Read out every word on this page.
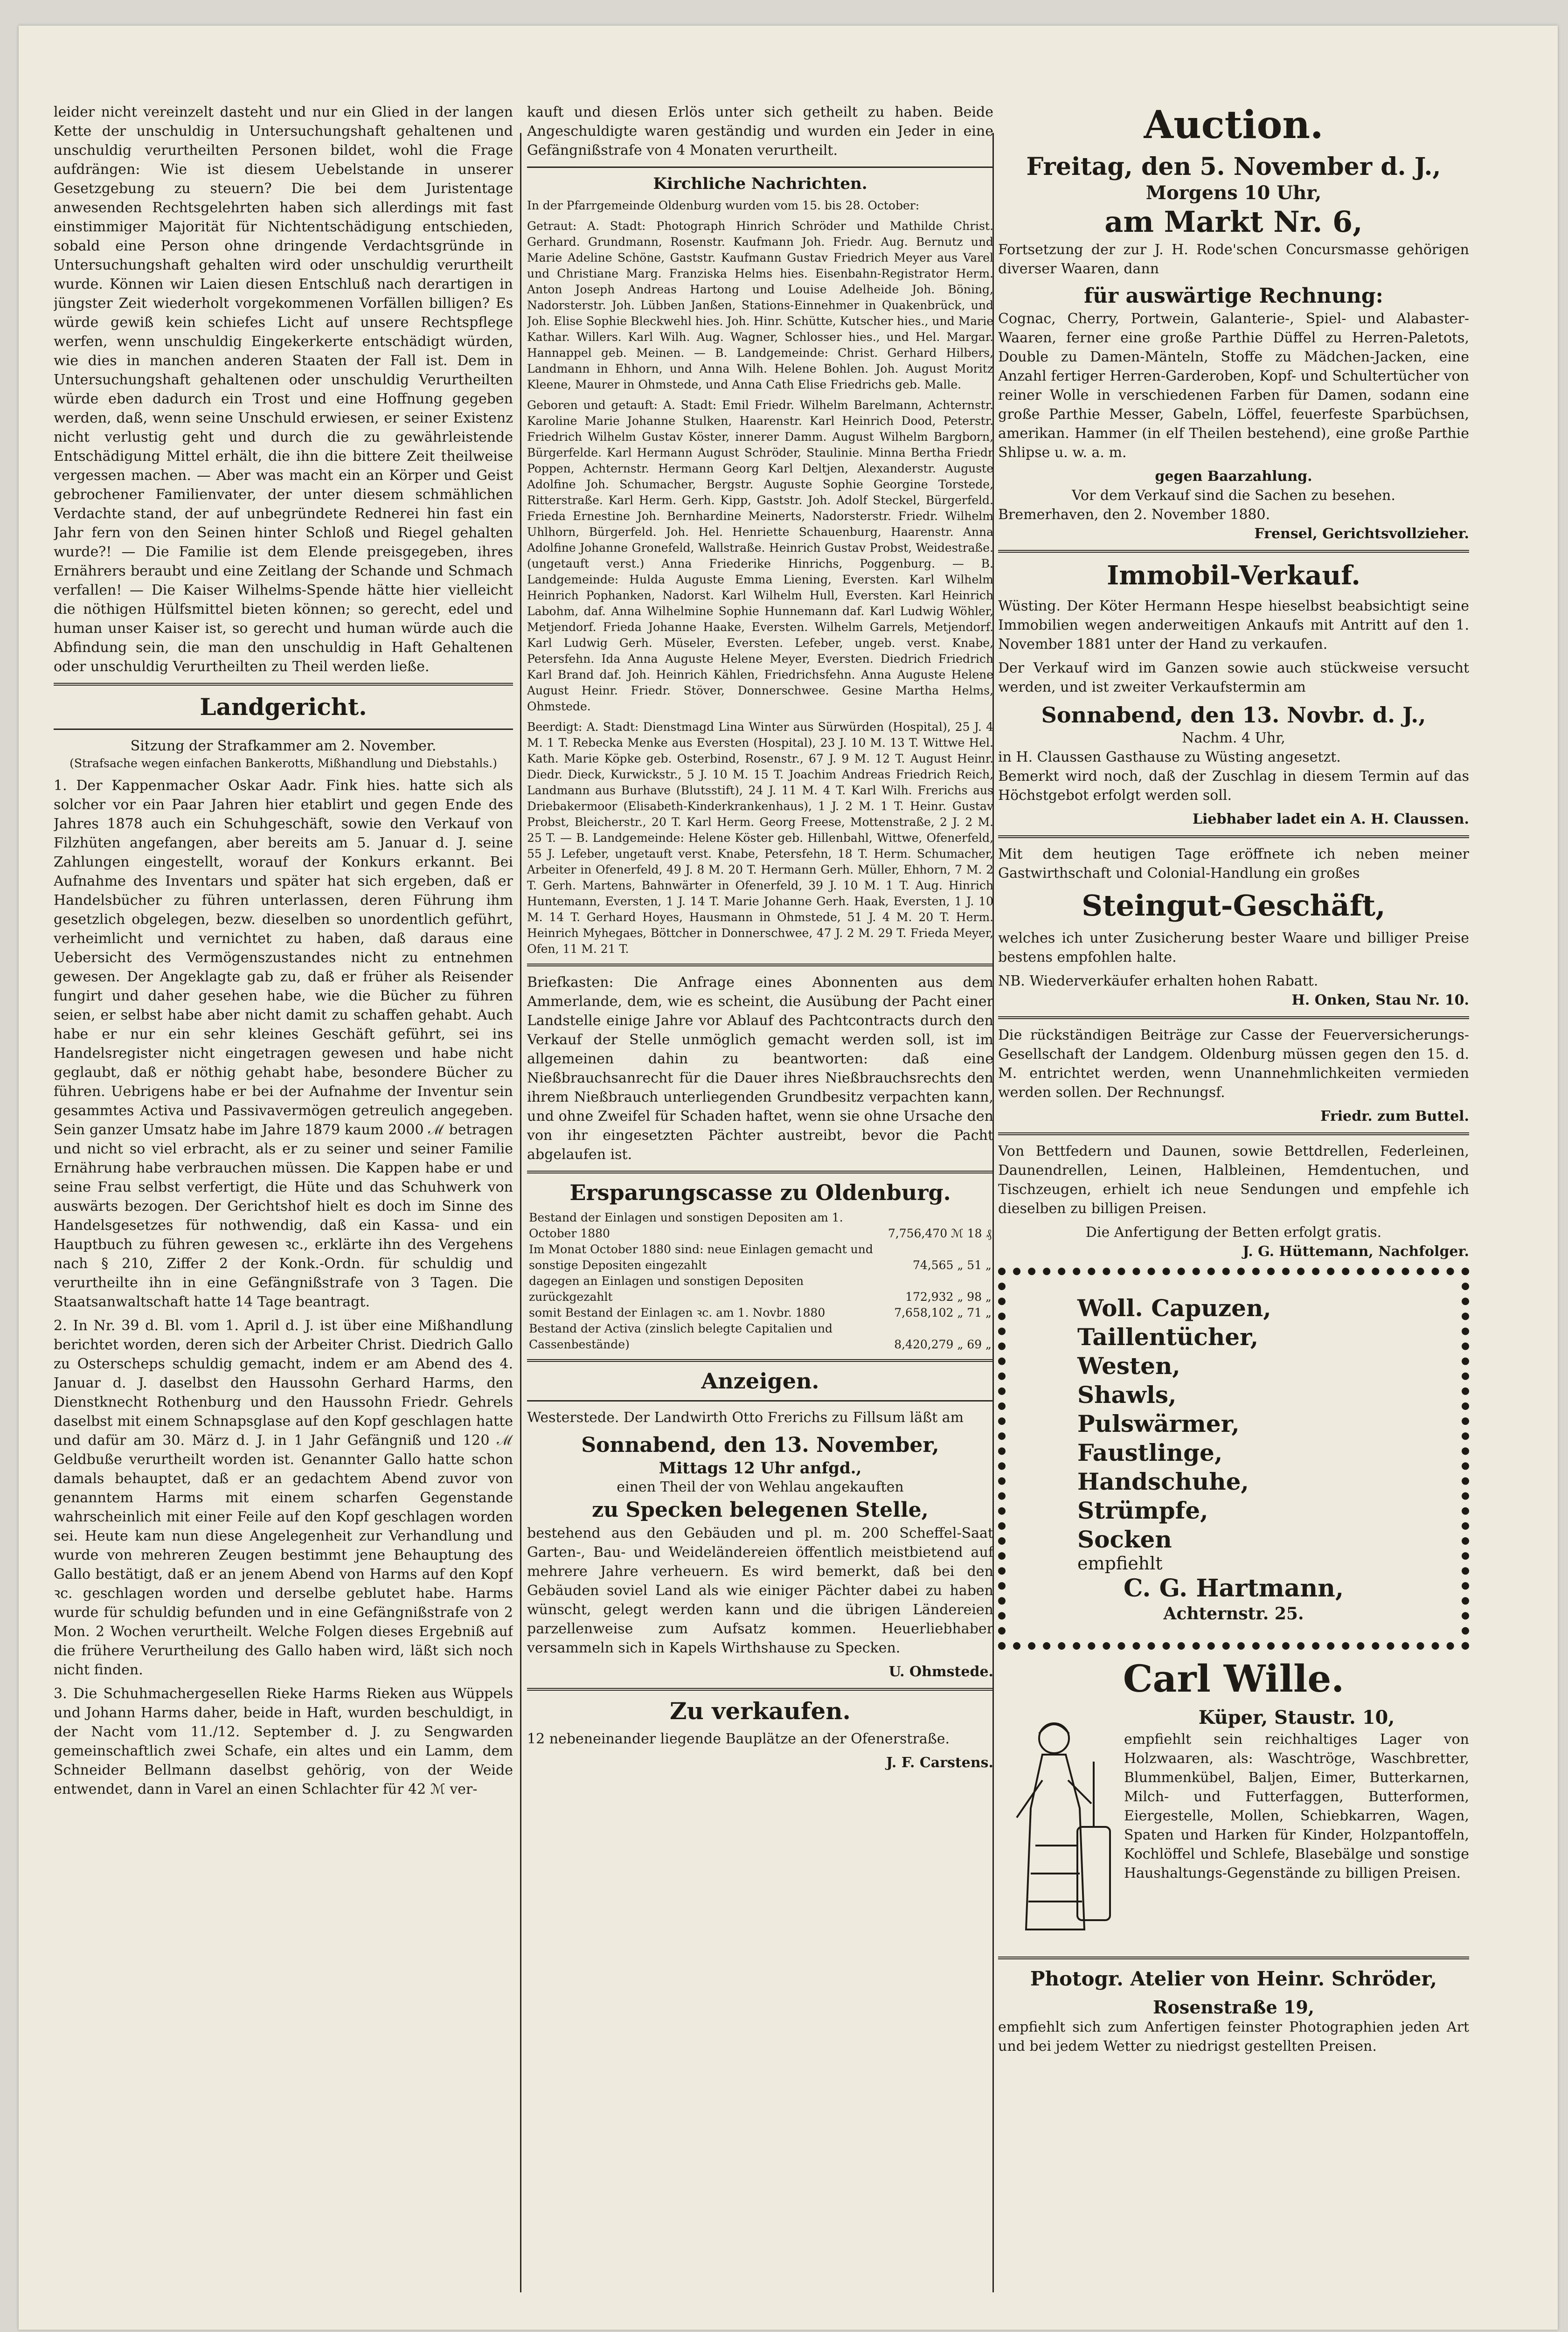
leider nicht vereinzelt dasteht und nur ein Glied in der langen Kette der unschuldig in Untersuchungshaft gehaltenen und unschuldig verurtheilten Personen bildet, wohl die Frage aufdrängen: Wie ist diesem Uebelstande in unserer Gesetzgebung zu steuern? Die bei dem Juristentage anwesenden Rechtsgelehrten haben sich allerdings mit fast einstimmiger Majorität für Nichtentschädigung entschieden, sobald eine Person ohne dringende Verdachtsgründe in Untersuchungshaft gehalten wird oder unschuldig verurtheilt wurde. Können wir Laien diesen Entschluß nach derartigen in jüngster Zeit wiederholt vorgekommenen Vorfällen billigen? Es würde gewiß kein schiefes Licht auf unsere Rechtspflege werfen, wenn unschuldig Eingekerkerte entschädigt würden, wie dies in manchen anderen Staaten der Fall ist. Dem in Untersuchungshaft gehaltenen oder unschuldig Verurtheilten würde eben dadurch ein Trost und eine Hoffnung gegeben werden, daß, wenn seine Unschuld erwiesen, er seiner Existenz nicht verlustig geht und durch die zu gewährleistende Entschädigung Mittel erhält, die ihn die bittere Zeit theilweise vergessen machen. — Aber was macht ein an Körper und Geist gebrochener Familienvater, der unter diesem schmählichen Verdachte stand, der auf unbegründete Rednerei hin fast ein Jahr fern von den Seinen hinter Schloß und Riegel gehalten wurde?! — Die Familie ist dem Elende preisgegeben, ihres Ernährers beraubt und eine Zeitlang der Schande und Schmach verfallen! — Die Kaiser Wilhelms-Spende hätte hier vielleicht die nöthigen Hülfsmittel bieten können; so gerecht, edel und human unser Kaiser ist, so gerecht und human würde auch die Abfindung sein, die man den unschuldig in Haft Gehaltenen oder unschuldig Verurtheilten zu Theil werden ließe.

Landgericht.
Sitzung der Strafkammer am 2. November.
(Strafsache wegen einfachen Bankerotts, Mißhandlung und Diebstahls.)

1. Der Kappenmacher Oskar Aadr. Fink hies. hatte sich als solcher vor ein Paar Jahren hier etablirt und gegen Ende des Jahres 1878 auch ein Schuhgeschäft, sowie den Verkauf von Filzhüten angefangen, aber bereits am 5. Januar d. J. seine Zahlungen eingestellt, worauf der Konkurs erkannt. Bei Aufnahme des Inventars und später hat sich ergeben, daß er Handelsbücher zu führen unterlassen, deren Führung ihm gesetzlich obgelegen, bezw. dieselben so unordentlich geführt, verheimlicht und vernichtet zu haben, daß daraus eine Uebersicht des Vermögenszustandes nicht zu entnehmen gewesen. Der Angeklagte gab zu, daß er früher als Reisender fungirt und daher gesehen habe, wie die Bücher zu führen seien, er selbst habe aber nicht damit zu schaffen gehabt. Auch habe er nur ein sehr kleines Geschäft geführt, sei ins Handelsregister nicht eingetragen gewesen und habe nicht geglaubt, daß er nöthig gehabt habe, besondere Bücher zu führen. Uebrigens habe er bei der Aufnahme der Inventur sein gesammtes Activa und Passivavermögen getreulich angegeben. Sein ganzer Umsatz habe im Jahre 1879 kaum 2000 ℳ betragen und nicht so viel erbracht, als er zu seiner und seiner Familie Ernährung habe verbrauchen müssen. Die Kappen habe er und seine Frau selbst verfertigt, die Hüte und das Schuhwerk von auswärts bezogen. Der Gerichtshof hielt es doch im Sinne des Handelsgesetzes für nothwendig, daß ein Kassa- und ein Hauptbuch zu führen gewesen ꝛc., erklärte ihn des Vergehens nach § 210, Ziffer 2 der Konk.-Ordn. für schuldig und verurtheilte ihn in eine Gefängnißstrafe von 3 Tagen. Die Staatsanwaltschaft hatte 14 Tage beantragt.

2. In Nr. 39 d. Bl. vom 1. April d. J. ist über eine Mißhandlung berichtet worden, deren sich der Arbeiter Christ. Diedrich Gallo zu Osterscheps schuldig gemacht, indem er am Abend des 4. Januar d. J. daselbst den Haussohn Gerhard Harms, den Dienstknecht Rothenburg und den Haussohn Friedr. Gehrels daselbst mit einem Schnapsglase auf den Kopf geschlagen hatte und dafür am 30. März d. J. in 1 Jahr Gefängniß und 120 ℳ Geldbuße verurtheilt worden ist. Genannter Gallo hatte schon damals behauptet, daß er an gedachtem Abend zuvor von genanntem Harms mit einem scharfen Gegenstande wahrscheinlich mit einer Feile auf den Kopf geschlagen worden sei. Heute kam nun diese Angelegenheit zur Verhandlung und wurde von mehreren Zeugen bestimmt jene Behauptung des Gallo bestätigt, daß er an jenem Abend von Harms auf den Kopf ꝛc. geschlagen worden und derselbe geblutet habe. Harms wurde für schuldig befunden und in eine Gefängnißstrafe von 2 Mon. 2 Wochen verurtheilt. Welche Folgen dieses Ergebniß auf die frühere Verurtheilung des Gallo haben wird, läßt sich noch nicht finden.

3. Die Schuhmachergesellen Rieke Harms Rieken aus Wüppels und Johann Harms daher, beide in Haft, wurden beschuldigt, in der Nacht vom 11./12. September d. J. zu Sengwarden gemeinschaftlich zwei Schafe, ein altes und ein Lamm, dem Schneider Bellmann daselbst gehörig, von der Weide entwendet, dann in Varel an einen Schlachter für 42 ℳ ver-

kauft und diesen Erlös unter sich getheilt zu haben. Beide Angeschuldigte waren geständig und wurden ein Jeder in eine Gefängnißstrafe von 4 Monaten verurtheilt.

Kirchliche Nachrichten.

In der Pfarrgemeinde Oldenburg wurden vom 15. bis 28. October:

Getraut: A. Stadt: Photograph Hinrich Schröder und Mathilde Christ. Gerhard. Grundmann, Rosenstr. Kaufmann Joh. Friedr. Aug. Bernutz und Marie Adeline Schöne, Gaststr. Kaufmann Gustav Friedrich Meyer aus Varel und Christiane Marg. Franziska Helms hies. Eisenbahn-Registrator Herm. Anton Joseph Andreas Hartong und Louise Adelheide Joh. Böning, Nadorsterstr. Joh. Lübben Janßen, Stations-Einnehmer in Quakenbrück, und Joh. Elise Sophie Bleckwehl hies. Joh. Hinr. Schütte, Kutscher hies., und Marie Kathar. Willers. Karl Wilh. Aug. Wagner, Schlosser hies., und Hel. Margar. Hannappel geb. Meinen. — B. Landgemeinde: Christ. Gerhard Hilbers, Landmann in Ehhorn, und Anna Wilh. Helene Bohlen. Joh. August Moritz Kleene, Maurer in Ohmstede, und Anna Cath Elise Friedrichs geb. Malle.

Geboren und getauft: A. Stadt: Emil Friedr. Wilhelm Barelmann, Achternstr. Karoline Marie Johanne Stulken, Haarenstr. Karl Heinrich Dood, Peterstr. Friedrich Wilhelm Gustav Köster, innerer Damm. August Wilhelm Bargborn, Bürgerfelde. Karl Hermann August Schröder, Staulinie. Minna Bertha Friedr Poppen, Achternstr. Hermann Georg Karl Deltjen, Alexanderstr. Auguste Adolfine Joh. Schumacher, Bergstr. Auguste Sophie Georgine Torstede, Ritterstraße. Karl Herm. Gerh. Kipp, Gaststr. Joh. Adolf Steckel, Bürgerfeld. Frieda Ernestine Joh. Bernhardine Meinerts, Nadorsterstr. Friedr. Wilhelm Uhlhorn, Bürgerfeld. Joh. Hel. Henriette Schauenburg, Haarenstr. Anna Adolfine Johanne Gronefeld, Wallstraße. Heinrich Gustav Probst, Weidestraße. (ungetauft verst.) Anna Friederike Hinrichs, Poggenburg. — B. Landgemeinde: Hulda Auguste Emma Liening, Eversten. Karl Wilhelm Heinrich Pophanken, Nadorst. Karl Wilhelm Hull, Eversten. Karl Heinrich Labohm, daf. Anna Wilhelmine Sophie Hunnemann daf. Karl Ludwig Wöhler, Metjendorf. Frieda Johanne Haake, Eversten. Wilhelm Garrels, Metjendorf. Karl Ludwig Gerh. Müseler, Eversten. Lefeber, ungeb. verst. Knabe, Petersfehn. Ida Anna Auguste Helene Meyer, Eversten. Diedrich Friedrich Karl Brand daf. Joh. Heinrich Kählen, Friedrichsfehn. Anna Auguste Helene August Heinr. Friedr. Stöver, Donnerschwee. Gesine Martha Helms, Ohmstede.

Beerdigt: A. Stadt: Dienstmagd Lina Winter aus Sürwürden (Hospital), 25 J. 4 M. 1 T. Rebecka Menke aus Eversten (Hospital), 23 J. 10 M. 13 T. Wittwe Hel. Kath. Marie Köpke geb. Osterbind, Rosenstr., 67 J. 9 M. 12 T. August Heinr. Diedr. Dieck, Kurwickstr., 5 J. 10 M. 15 T. Joachim Andreas Friedrich Reich, Landmann aus Burhave (Blutsstift), 24 J. 11 M. 4 T. Karl Wilh. Frerichs aus Driebakermoor (Elisabeth-Kinderkrankenhaus), 1 J. 2 M. 1 T. Heinr. Gustav Probst, Bleicherstr., 20 T. Karl Herm. Georg Freese, Mottenstraße, 2 J. 2 M. 25 T. — B. Landgemeinde: Helene Köster geb. Hillenbahl, Wittwe, Ofenerfeld, 55 J. Lefeber, ungetauft verst. Knabe, Petersfehn, 18 T. Herm. Schumacher, Arbeiter in Ofenerfeld, 49 J. 8 M. 20 T. Hermann Gerh. Müller, Ehhorn, 7 M. 2 T. Gerh. Martens, Bahnwärter in Ofenerfeld, 39 J. 10 M. 1 T. Aug. Hinrich Huntemann, Eversten, 1 J. 14 T. Marie Johanne Gerh. Haak, Eversten, 1 J. 10 M. 14 T. Gerhard Hoyes, Hausmann in Ohmstede, 51 J. 4 M. 20 T. Herm. Heinrich Myhegaes, Böttcher in Donnerschwee, 47 J. 2 M. 29 T. Frieda Meyer, Ofen, 11 M. 21 T.

Briefkasten: Die Anfrage eines Abonnenten aus dem Ammerlande, dem, wie es scheint, die Ausübung der Pacht einer Landstelle einige Jahre vor Ablauf des Pachtcontracts durch den Verkauf der Stelle unmöglich gemacht werden soll, ist im allgemeinen dahin zu beantworten: daß eine Nießbrauchsanrecht für die Dauer ihres Nießbrauchsrechts den ihrem Nießbrauch unterliegenden Grundbesitz verpachten kann, und ohne Zweifel für Schaden haftet, wenn sie ohne Ursache den von ihr eingesetzten Pächter austreibt, bevor die Pacht abgelaufen ist.

Ersparungscasse zu Oldenburg.
Bestand der Einlagen und sonstigen Depositen am 1. October 1880	7,756,470 ℳ 18 ₰
Im Monat October 1880 sind: neue Einlagen gemacht und sonstige Depositen eingezahlt	74,565 „ 51 „
dagegen an Einlagen und sonstigen Depositen zurückgezahlt	172,932 „ 98 „
somit Bestand der Einlagen ꝛc. am 1. Novbr. 1880	7,658,102 „ 71 „
Bestand der Activa (zinslich belegte Capitalien und Cassenbestände)	8,420,279 „ 69 „
Anzeigen.

Westerstede. Der Landwirth Otto Frerichs zu Fillsum läßt am

Sonnabend, den 13. November,
Mittags 12 Uhr anfgd.,
einen Theil der von Wehlau angekauften
zu Specken belegenen Stelle,

bestehend aus den Gebäuden und pl. m. 200 Scheffel-Saat Garten-, Bau- und Weideländereien öffentlich meistbietend auf mehrere Jahre verheuern. Es wird bemerkt, daß bei den Gebäuden soviel Land als wie einiger Pächter dabei zu haben wünscht, gelegt werden kann und die übrigen Ländereien parzellenweise zum Aufsatz kommen. Heuerliebhaber versammeln sich in Kapels Wirthshause zu Specken.

U. Ohmstede.
Zu verkaufen.

12 nebeneinander liegende Bauplätze an der Ofenerstraße.

J. F. Carstens.
Auction.
Freitag, den 5. November d. J.,
Morgens 10 Uhr,
am Markt Nr. 6,

Fortsetzung der zur J. H. Rode'schen Concursmasse gehörigen diverser Waaren, dann

für auswärtige Rechnung:

Cognac, Cherry, Portwein, Galanterie-, Spiel- und Alabaster-Waaren, ferner eine große Parthie Düffel zu Herren-Paletots, Double zu Damen-Mänteln, Stoffe zu Mädchen-Jacken, eine Anzahl fertiger Herren-Garderoben, Kopf- und Schultertücher von reiner Wolle in verschiedenen Farben für Damen, sodann eine große Parthie Messer, Gabeln, Löffel, feuerfeste Sparbüchsen, amerikan. Hammer (in elf Theilen bestehend), eine große Parthie Shlipse u. w. a. m.

gegen Baarzahlung.
Vor dem Verkauf sind die Sachen zu besehen.
Bremerhaven, den 2. November 1880.
Frensel, Gerichtsvollzieher.
Immobil-Verkauf.

Wüsting. Der Köter Hermann Hespe hieselbst beabsichtigt seine Immobilien wegen anderweitigen Ankaufs mit Antritt auf den 1. November 1881 unter der Hand zu verkaufen.

Der Verkauf wird im Ganzen sowie auch stückweise versucht werden, und ist zweiter Verkaufstermin am

Sonnabend, den 13. Novbr. d. J.,
Nachm. 4 Uhr,
in H. Claussen Gasthause zu Wüsting angesetzt.

Bemerkt wird noch, daß der Zuschlag in diesem Termin auf das Höchstgebot erfolgt werden soll.

Liebhaber ladet ein A. H. Claussen.

Mit dem heutigen Tage eröffnete ich neben meiner Gastwirthschaft und Colonial-Handlung ein großes

Steingut-Geschäft,

welches ich unter Zusicherung bester Waare und billiger Preise bestens empfohlen halte.

NB. Wiederverkäufer erhalten hohen Rabatt.
H. Onken, Stau Nr. 10.

Die rückständigen Beiträge zur Casse der Feuerversicherungs-Gesellschaft der Landgem. Oldenburg müssen gegen den 15. d. M. entrichtet werden, wenn Unannehmlichkeiten vermieden werden sollen. Der Rechnungsf.

Friedr. zum Buttel.

Von Bettfedern und Daunen, sowie Bettdrellen, Federleinen, Daunendrellen, Leinen, Halbleinen, Hemdentuchen, und Tischzeugen, erhielt ich neue Sendungen und empfehle ich dieselben zu billigen Preisen.

Die Anfertigung der Betten erfolgt gratis.
J. G. Hüttemann, Nachfolger.
Woll. Capuzen,
Taillentücher,
Westen,
Shawls,
Pulswärmer,
Faustlinge,
Handschuhe,
Strümpfe,
Socken
empfiehlt
C. G. Hartmann,
Achternstr. 25.
Carl Wille.
Küper, Staustr. 10,

empfiehlt sein reichhaltiges Lager von Holzwaaren, als: Waschtröge, Waschbretter, Blummenkübel, Baljen, Eimer, Butterkarnen, Milch- und Futterfaggen, Butterformen, Eiergestelle, Mollen, Schiebkarren, Wagen, Spaten und Harken für Kinder, Holzpantoffeln, Kochlöffel und Schlefe, Blasebälge und sonstige Haushaltungs-Gegenstände zu billigen Preisen.

Photogr. Atelier von Heinr. Schröder,
Rosenstraße 19,

empfiehlt sich zum Anfertigen feinster Photographien jeden Art und bei jedem Wetter zu niedrigst gestellten Preisen.
